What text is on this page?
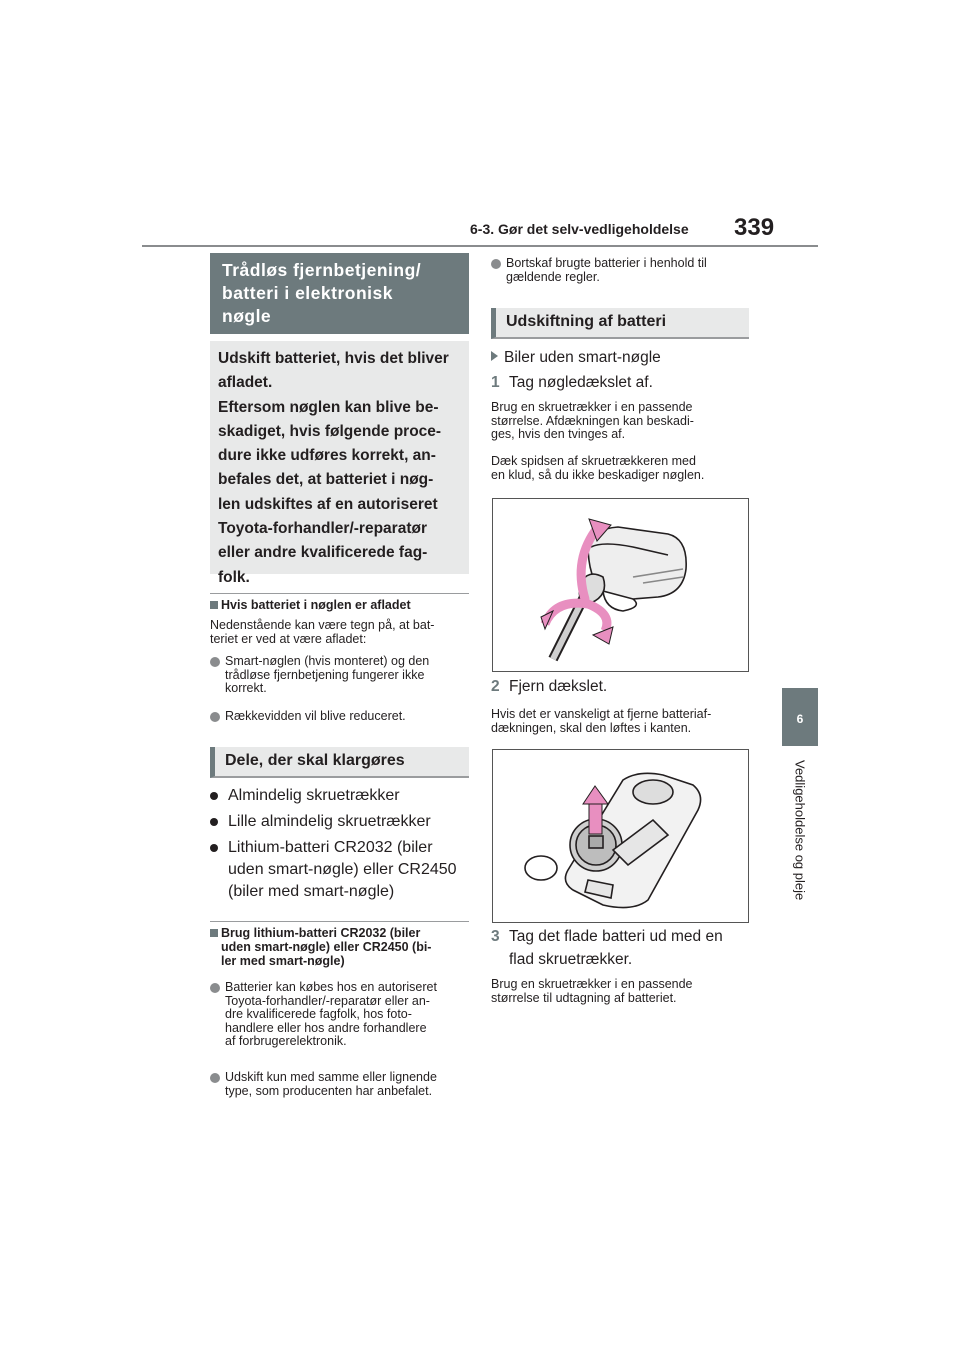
6-3. Gør det selv-vedligeholdelse 339
6
Vedligeholdelse og pleje
Trådløs fjernbetjening/
batteri i elektronisk
nøgle
Udskift batteriet, hvis det bliver
afladet.
Eftersom nøglen kan blive be-
skadiget, hvis følgende proce-
dure ikke udføres korrekt, an-
befales det, at batteriet i nøg-
len udskiftes af en autoriseret
Toyota-forhandler/-reparatør
eller andre kvalificerede fag-
folk.
Hvis batteriet i nøglen er afladet
Nedenstående kan være tegn på, at bat-
teriet er ved at være afladet:
Smart-nøglen (hvis monteret) og den
trådløse fjernbetjening fungerer ikke
korrekt.
Rækkevidden vil blive reduceret.
Dele, der skal klargøres
Almindelig skruetrækker
Lille almindelig skruetrækker
Lithium-batteri CR2032 (biler
uden smart-nøgle) eller CR2450
(biler med smart-nøgle)
Brug lithium-batteri CR2032 (biler
uden smart-nøgle) eller CR2450 (bi-
ler med smart-nøgle)
Batterier kan købes hos en autoriseret
Toyota-forhandler/-reparatør eller an-
dre kvalificerede fagfolk, hos foto-
handlere eller hos andre forhandlere
af forbrugerelektronik.
Udskift kun med samme eller lignende
type, som producenten har anbefalet.
Bortskaf brugte batterier i henhold til
gældende regler.
Udskiftning af batteri
Biler uden smart-nøgle
1 Tag nøgledækslet af.
Brug en skruetrækker i en passende
størrelse. Afdækningen kan beskadi-
ges, hvis den tvinges af.
Dæk spidsen af skruetrækkeren med
en klud, så du ikke beskadiger nøglen.
2 Fjern dækslet.
Hvis det er vanskeligt at fjerne batteriaf-
dækningen, skal den løftes i kanten.
3 Tag det flade batteri ud med en
flad skruetrækker.
Brug en skruetrækker i en passende
størrelse til udtagning af batteriet.
